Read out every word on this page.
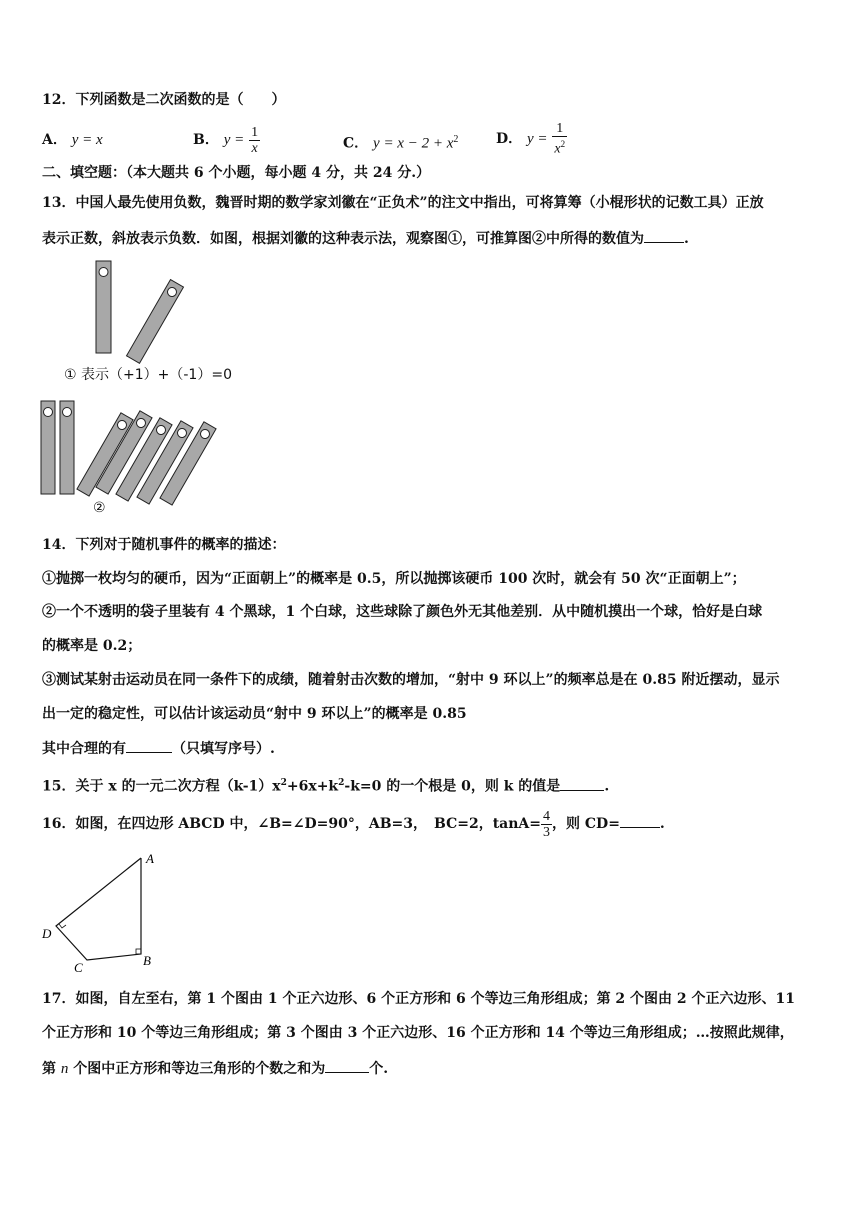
12．下列函数是二次函数的是（　　）
A． y = x	B． $y = \frac{1}{x}$	C． $y = x - 2 + x^2$	D． $y = \frac{1}{x^2}$
二、填空题：（本大题共 6 个小题，每小题 4 分，共 24 分.）
13．中国人最先使用负数，魏晋时期的数学家刘徽在“正负术”的注文中指出，可将算筹（小棍形状的记数工具）正放
表示正数，斜放表示负数．如图，根据刘徽的这种表示法，观察图①，可推算图②中所得的数值为	.
A
B
C
D
① 表示（+1）+（-1）=0
②
14．下列对于随机事件的概率的描述：
①抛掷一枚均匀的硬币，因为“正面朝上”的概率是 0.5，所以抛掷该硬币 100 次时，就会有 50 次“正面朝上”；
②一个不透明的袋子里装有 4 个黑球，1 个白球，这些球除了颜色外无其他差别．从中随机摸出一个球，恰好是白球
的概率是 0.2；
③测试某射击运动员在同一条件下的成绩，随着射击次数的增加，“射中 9 环以上”的频率总是在 0.85 附近摆动，显示
出一定的稳定性，可以估计该运动员“射中 9 环以上”的概率是 0.85
其中合理的有	（只填写序号）.
15．关于 x 的一元二次方程$(k-1)x^2+6x+k^2-k=0$ 的一个根是 0，则 k 的值是	.
16．如图，在四边形 ABCD 中，∠B=∠D=90°，AB=3，　BC=2，$\tan A= \frac{4}{3}$ ，则 CD=	.
17．如图，自左至右，第 1 个图由 1 个正六边形、6 个正方形和 6 个等边三角形组成；第 2 个图由 2 个正六边形、11
个正方形和 10 个等边三角形组成；第 3 个图由 3 个正六边形、16 个正方形和 14 个等边三角形组成；…按照此规律，
第 n 个图中正方形和等边三角形的个数之和为	个.
